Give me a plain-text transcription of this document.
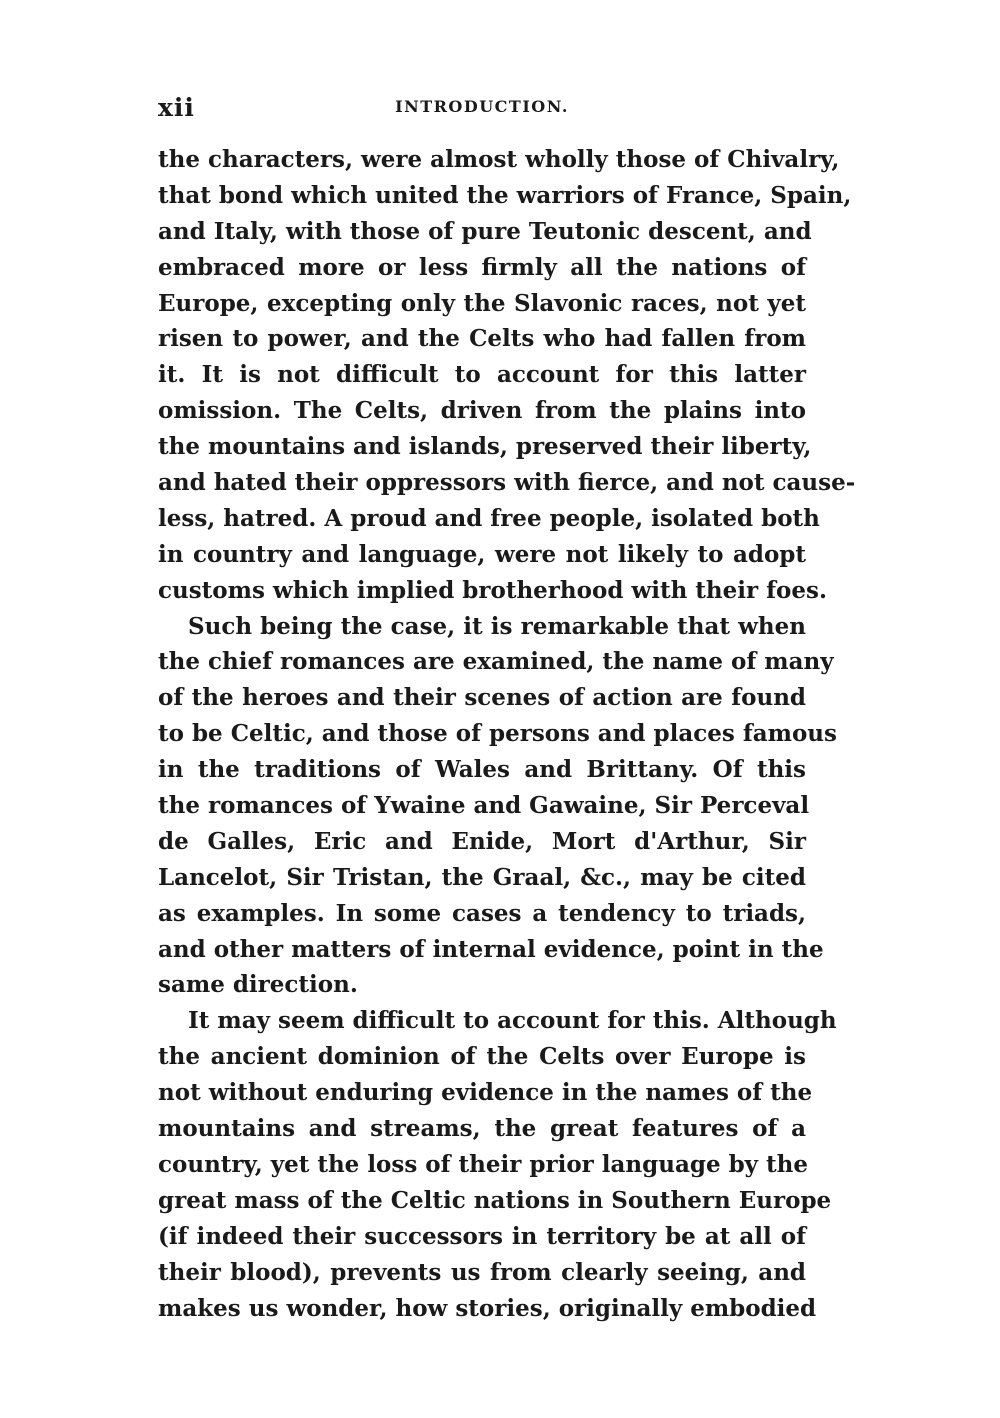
xii	INTRODUCTION.
the characters, were almost wholly those of Chivalry,
that bond which united the warriors of France, Spain,
and Italy, with those of pure Teutonic descent, and
embraced more or less firmly all the nations of
Europe, excepting only the Slavonic races, not yet
risen to power, and the Celts who had fallen from
it. It is not difficult to account for this latter
omission. The Celts, driven from the plains into
the mountains and islands, preserved their liberty,
and hated their oppressors with fierce, and not cause-
less, hatred. A proud and free people, isolated both
in country and language, were not likely to adopt
customs which implied brotherhood with their foes.
Such being the case, it is remarkable that when
the chief romances are examined, the name of many
of the heroes and their scenes of action are found
to be Celtic, and those of persons and places famous
in the traditions of Wales and Brittany. Of this
the romances of Ywaine and Gawaine, Sir Perceval
de Galles, Eric and Enide, Mort d'Arthur, Sir
Lancelot, Sir Tristan, the Graal, &c., may be cited
as examples. In some cases a tendency to triads,
and other matters of internal evidence, point in the
same direction.
It may seem difficult to account for this. Although
the ancient dominion of the Celts over Europe is
not without enduring evidence in the names of the
mountains and streams, the great features of a
country, yet the loss of their prior language by the
great mass of the Celtic nations in Southern Europe
(if indeed their successors in territory be at all of
their blood), prevents us from clearly seeing, and
makes us wonder, how stories, originally embodied
